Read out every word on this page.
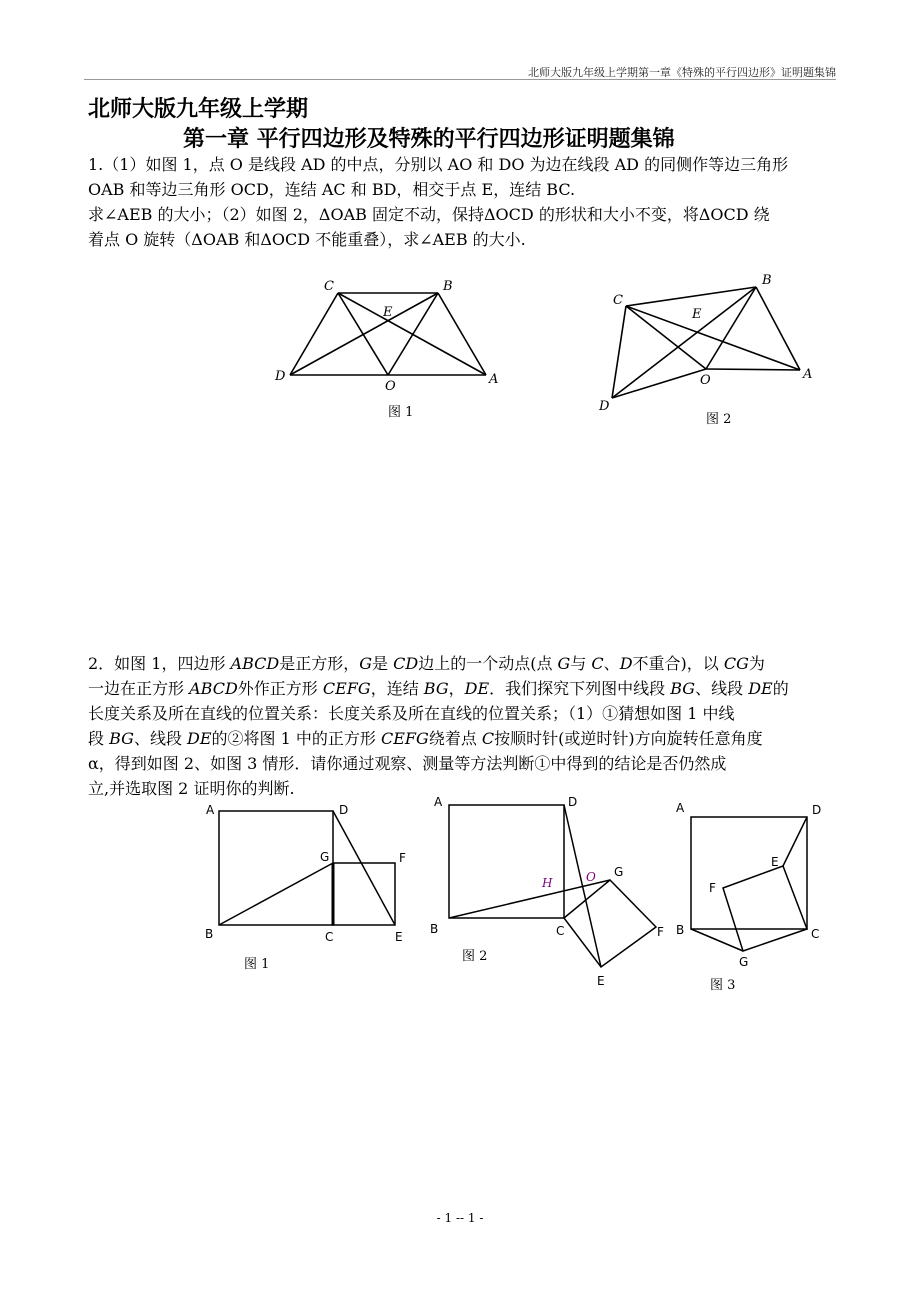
北师大版九年级上学期第一章《特殊的平行四边形》证明题集锦
北师大版九年级上学期
第一章 平行四边形及特殊的平行四边形证明题集锦
1.（1）如图 1，点 O 是线段 AD 的中点，分别以 AO 和 DO 为边在线段 AD 的同侧作等边三角形
OAB 和等边三角形 OCD，连结 AC 和 BD，相交于点 E，连结 BC.
求∠AEB 的大小；（2）如图 2，ΔOAB 固定不动，保持ΔOCD 的形状和大小不变，将ΔOCD 绕
着点 O 旋转（ΔOAB 和ΔOCD 不能重叠），求∠AEB 的大小.
C	B
E
D
O	A
图 1
C
B
E
D
O	A
图 2
A	D
G	F
B	C	E
图 1
A	D
H	O G
B	C	F
E
图 2
A	D
E
F
B	C
G
图 3
2．如图 1，四边形 ABCD是正方形，G是 CD边上的一个动点(点 G与 C、D不重合)，以 CG为
一边在正方形 ABCD外作正方形 CEFG，连结 BG，DE．我们探究下列图中线段 BG、线段 DE的
长度关系及所在直线的位置关系：长度关系及所在直线的位置关系；（1）①猜想如图 1 中线
段 BG、线段 DE的②将图 1 中的正方形 CEFG绕着点 C按顺时针(或逆时针)方向旋转任意角度
α，得到如图 2、如图 3 情形．请你通过观察、测量等方法判断①中得到的结论是否仍然成
立,并选取图 2 证明你的判断.
- 1 -- 1 -
